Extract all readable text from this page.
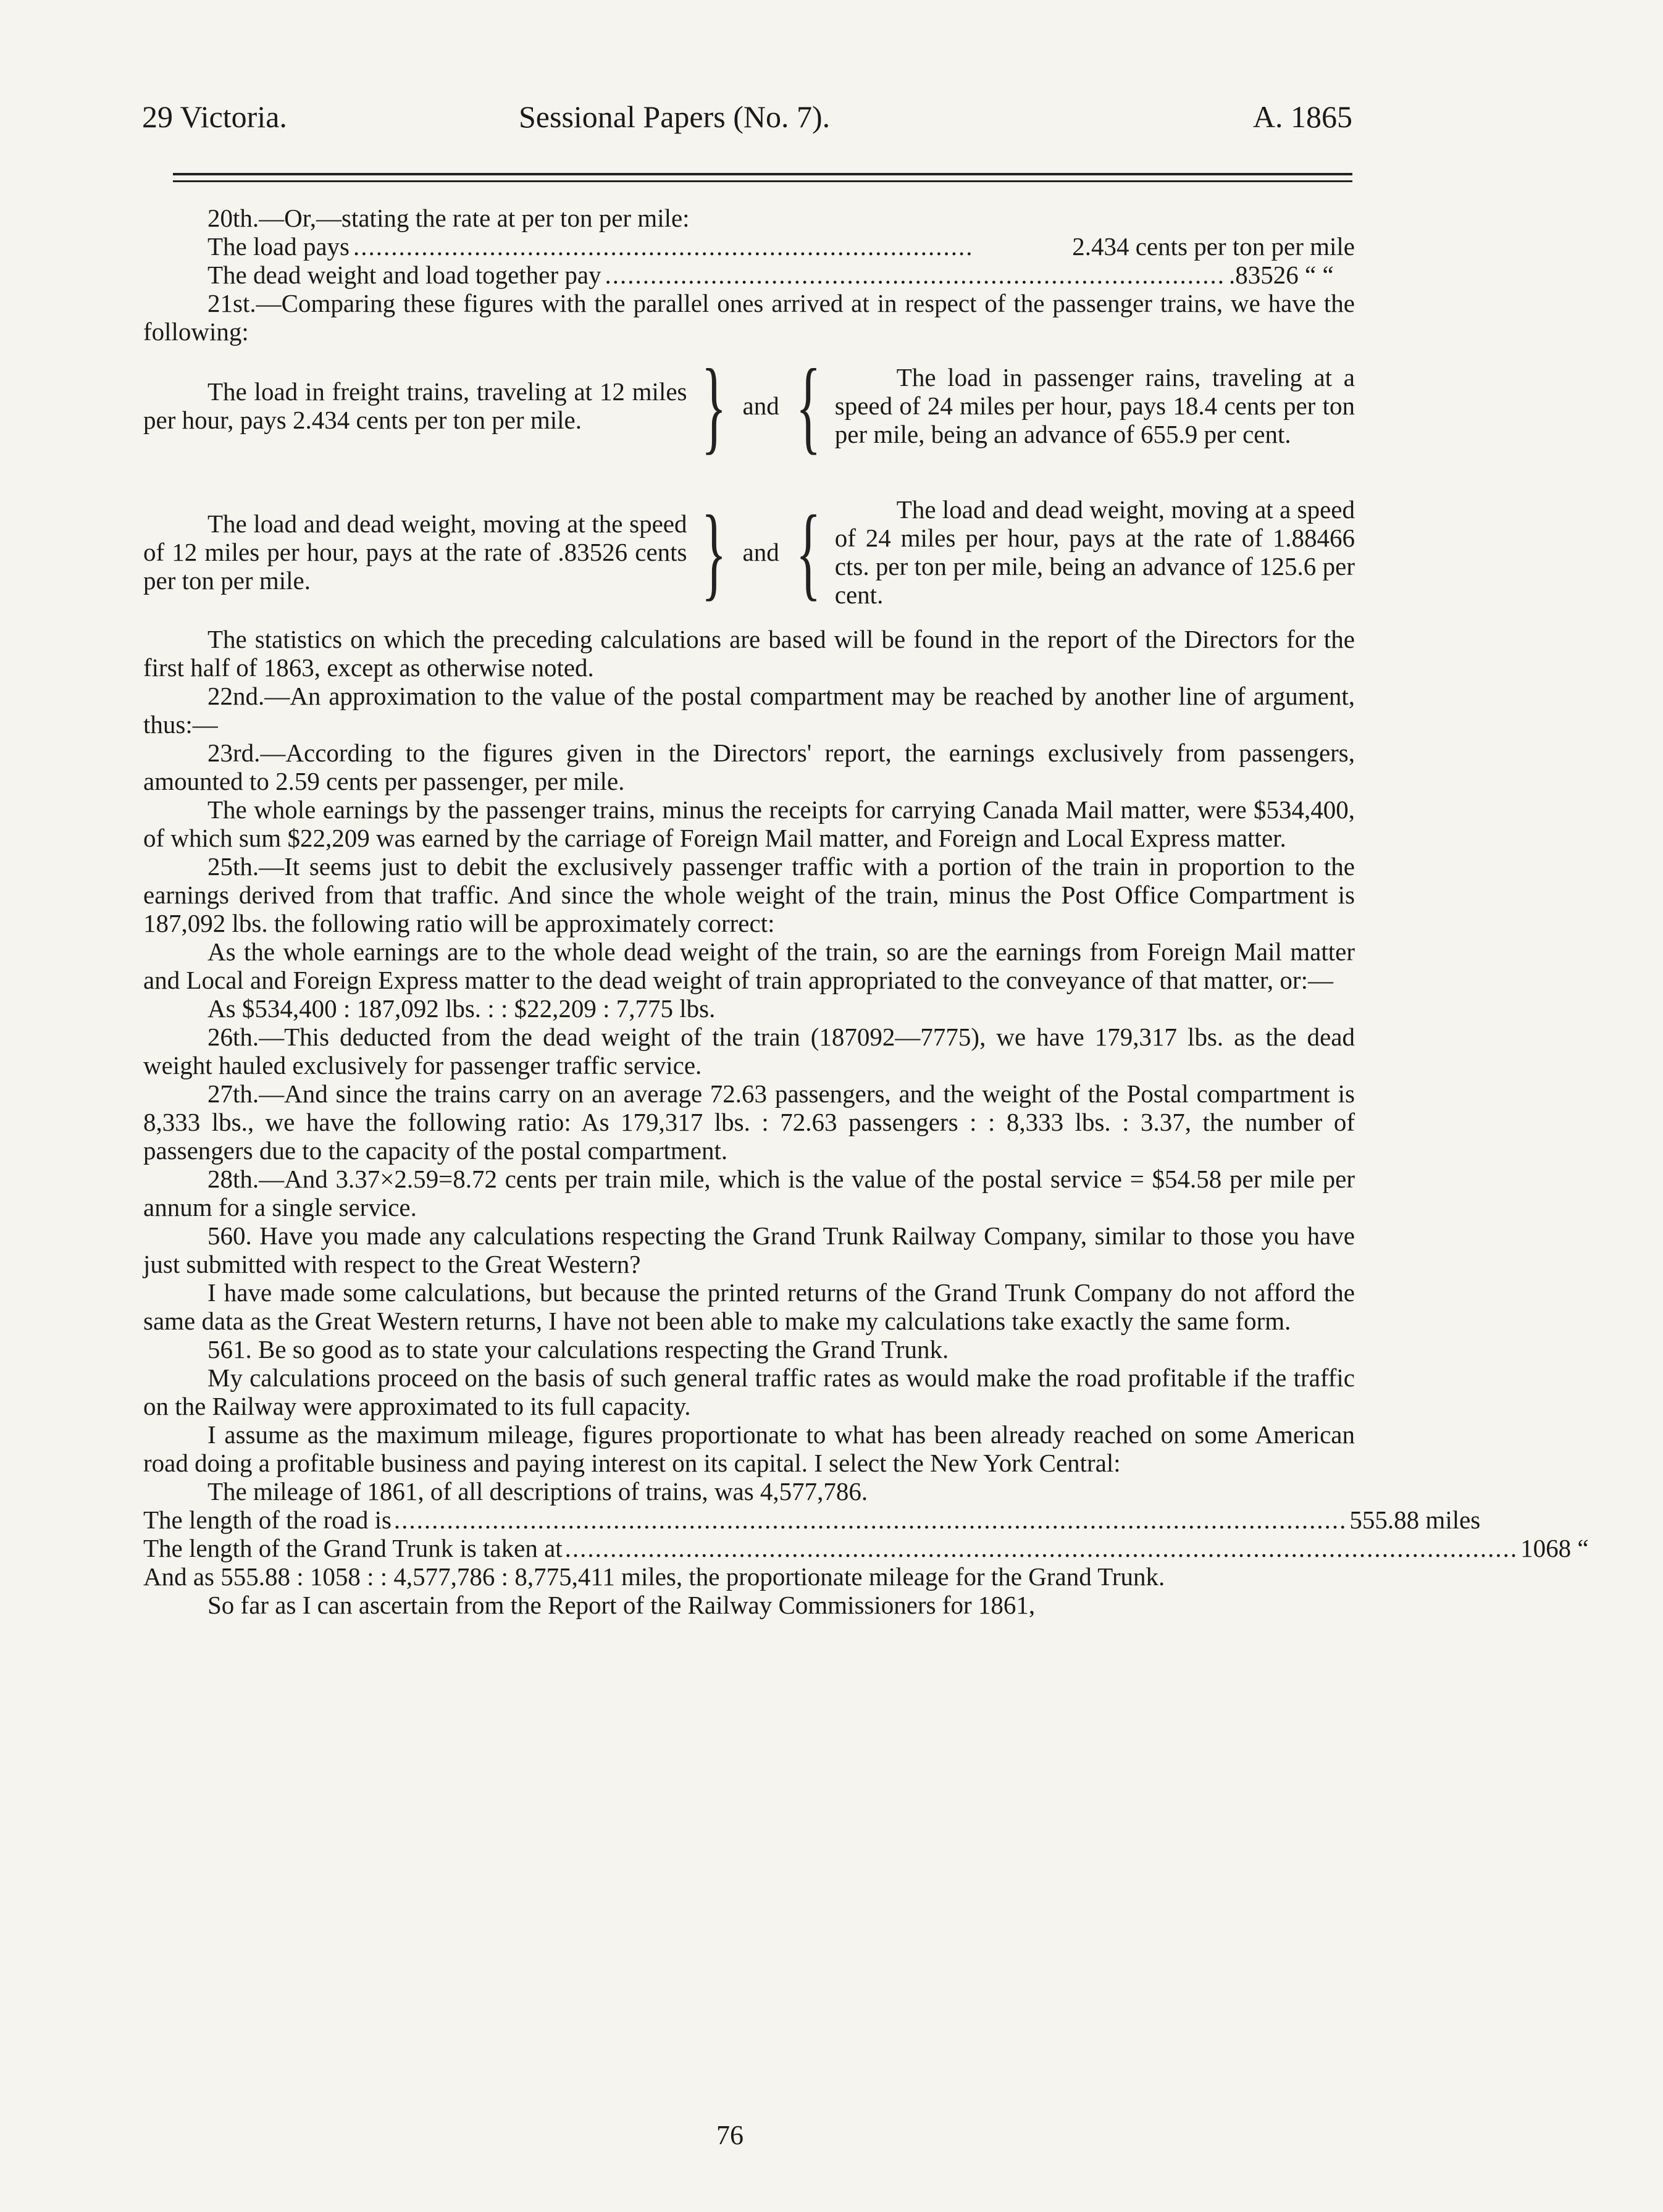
29 Victoria.	Sessional Papers (No. 7).	A. 1865

20th.—Or,—stating the rate at per ton per mile:

The load pays ..................................................................................	2.434 cents per ton per mile
The dead weight and load together pay .................................................................................. .83526 “ “

21st.—Comparing these figures with the parallel ones arrived at in respect of the passenger trains, we have the following:

The load in freight trains, traveling at 12 miles per hour, pays 2.434 cents per ton per mile.	} and {	The load in passenger rains, traveling at a speed of 24 miles per hour, pays 18.4 cents per ton per mile, being an advance of 655.9 per cent.
The load and dead weight, moving at the speed of 12 miles per hour, pays at the rate of .83526 cents per ton per mile.	} and {	The load and dead weight, moving at a speed of 24 miles per hour, pays at the rate of 1.88466 cts. per ton per mile, being an advance of 125.6 per cent.

The statistics on which the preceding calculations are based will be found in the report of the Directors for the first half of 1863, except as otherwise noted.

22nd.—An approximation to the value of the postal compartment may be reached by another line of argument, thus:—

23rd.—According to the figures given in the Directors' report, the earnings exclusively from passengers, amounted to 2.59 cents per passenger, per mile.

The whole earnings by the passenger trains, minus the receipts for carrying Canada Mail matter, were $534,400, of which sum $22,209 was earned by the carriage of Foreign Mail matter, and Foreign and Local Express matter.

25th.—It seems just to debit the exclusively passenger traffic with a portion of the train in proportion to the earnings derived from that traffic. And since the whole weight of the train, minus the Post Office Compartment is 187,092 lbs. the following ratio will be approximately correct:

As the whole earnings are to the whole dead weight of the train, so are the earnings from Foreign Mail matter and Local and Foreign Express matter to the dead weight of train appropriated to the conveyance of that matter, or:—

As $534,400 : 187,092 lbs. : : $22,209 : 7,775 lbs.

26th.—This deducted from the dead weight of the train (187092—7775), we have 179,317 lbs. as the dead weight hauled exclusively for passenger traffic service.

27th.—And since the trains carry on an average 72.63 passengers, and the weight of the Postal compartment is 8,333 lbs., we have the following ratio: As 179,317 lbs. : 72.63 passengers : : 8,333 lbs. : 3.37, the number of passengers due to the capacity of the postal compartment.

28th.—And 3.37×2.59=8.72 cents per train mile, which is the value of the postal service = $54.58 per mile per annum for a single service.

560. Have you made any calculations respecting the Grand Trunk Railway Company, similar to those you have just submitted with respect to the Great Western?

I have made some calculations, but because the printed returns of the Grand Trunk Company do not afford the same data as the Great Western returns, I have not been able to make my calculations take exactly the same form.

561. Be so good as to state your calculations respecting the Grand Trunk.

My calculations proceed on the basis of such general traffic rates as would make the road profitable if the traffic on the Railway were approximated to its full capacity.

I assume as the maximum mileage, figures proportionate to what has been already reached on some American road doing a profitable business and paying interest on its capital. I select the New York Central:

The mileage of 1861, of all descriptions of trains, was 4,577,786.

The length of the road is .............................................................................................................................. 555.88 miles
The length of the Grand Trunk is taken at .............................................................................................................................. 1068 “

And as 555.88 : 1058 : : 4,577,786 : 8,775,411 miles, the proportionate mileage for the Grand Trunk.

So far as I can ascertain from the Report of the Railway Commissioners for 1861,

76
